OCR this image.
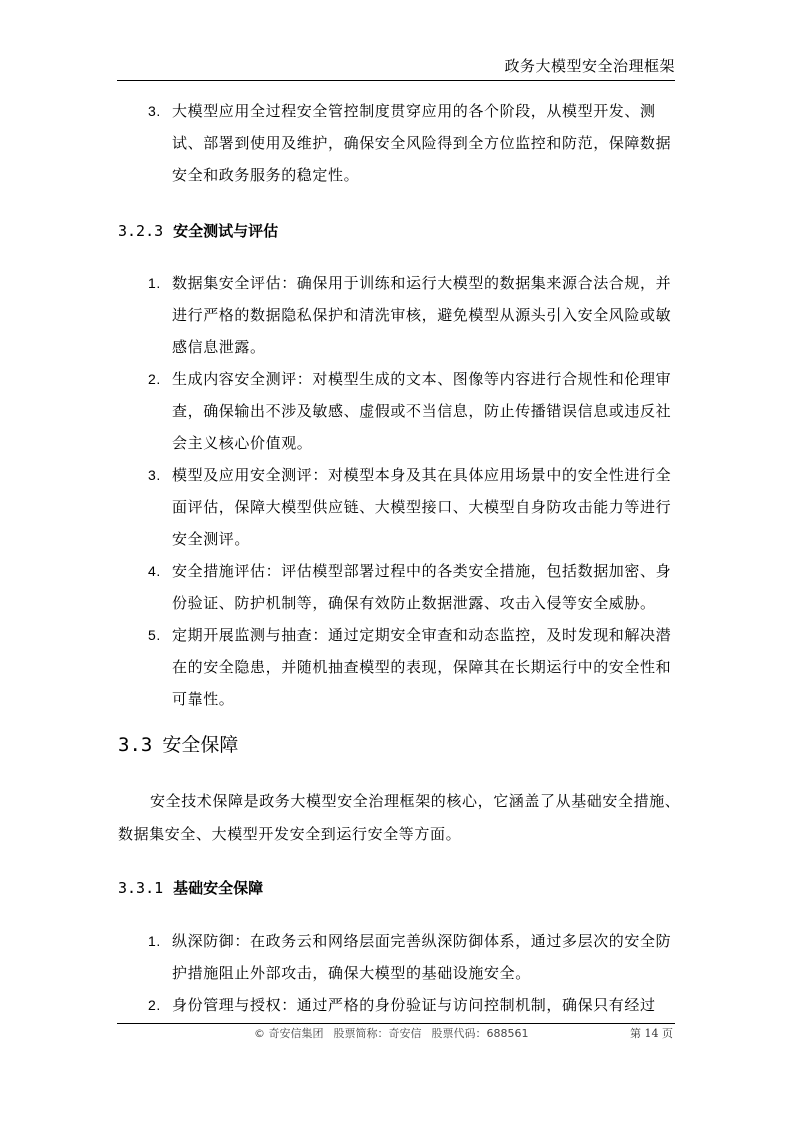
政务大模型安全治理框架
3. 大模型应用全过程安全管控制度贯穿应用的各个阶段，从模型开发、测试、部署到使用及维护，确保安全风险得到全方位监控和防范，保障数据安全和政务服务的稳定性。
3.2.3 安全测试与评估
1. 数据集安全评估：确保用于训练和运行大模型的数据集来源合法合规，并进行严格的数据隐私保护和清洗审核，避免模型从源头引入安全风险或敏感信息泄露。
2. 生成内容安全测评：对模型生成的文本、图像等内容进行合规性和伦理审查，确保输出不涉及敏感、虚假或不当信息，防止传播错误信息或违反社会主义核心价值观。
3. 模型及应用安全测评：对模型本身及其在具体应用场景中的安全性进行全面评估，保障大模型供应链、大模型接口、大模型自身防攻击能力等进行安全测评。
4. 安全措施评估：评估模型部署过程中的各类安全措施，包括数据加密、身份验证、防护机制等，确保有效防止数据泄露、攻击入侵等安全威胁。
5. 定期开展监测与抽查：通过定期安全审查和动态监控，及时发现和解决潜在的安全隐患，并随机抽查模型的表现，保障其在长期运行中的安全性和可靠性。
3.3 安全保障

安全技术保障是政务大模型安全治理框架的核心，它涵盖了从基础安全措施、数据集安全、大模型开发安全到运行安全等方面。

3.3.1 基础安全保障
1. 纵深防御：在政务云和网络层面完善纵深防御体系，通过多层次的安全防护措施阻止外部攻击，确保大模型的基础设施安全。
2. 身份管理与授权：通过严格的身份验证与访问控制机制，确保只有经过
© 奇安信集团 股票简称：奇安信 股票代码：688561	第 14 页
